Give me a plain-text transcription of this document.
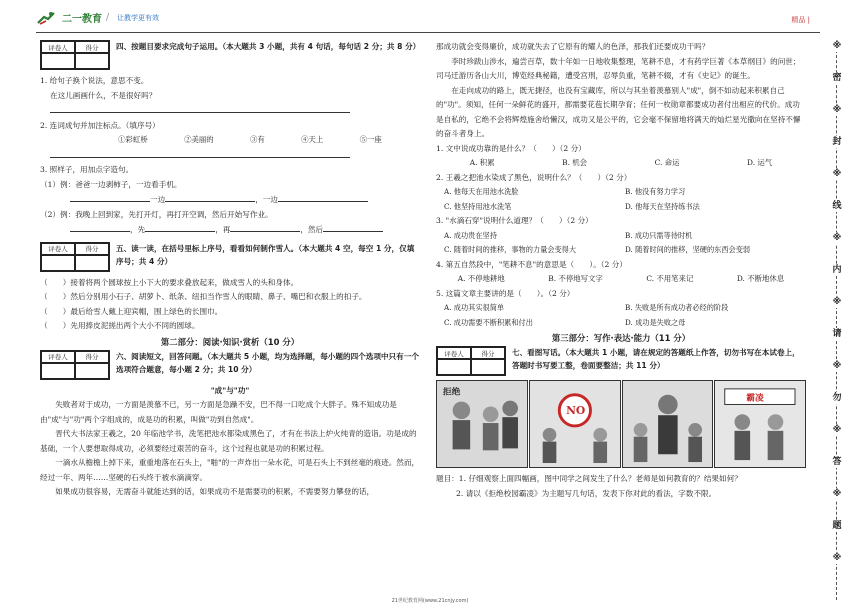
二一教育 / 让教学更有效	精品 |
评卷人	得分	四、按题目要求完成句子运用。（本大题共 3 小题，共有 4 句话，每句话 2 分；共 8 分）
1. 给句子换个说法，意思不变。
在这儿画画什么，不是很好吗？
2. 连词成句并加注标点。（填序号）
①彩虹桥	②美丽的	③有	④天上	⑤一座
3. 照样子，用加点字造句。
（1）例：爸爸一边剥柿子，一边看手机。
一边	，一边
（2）例：我晚上回到家，先打开灯，再打开空调，然后开始写作业。
，先	，再	，然后
评卷人	得分	五、读一读，在括号里标上序号，看看如何制作雪人。（本大题共 4 空，每空 1 分，仅填序号；共 4 分）
（　　）接着将两个圆球按上小下大的要求叠放起来，做成雪人的头和身体。
（　　）然后分别用小石子、胡萝卜、纸条、纽扣当作雪人的眼睛、鼻子、嘴巴和衣服上的扣子。
（　　）最后给雪人戴上迎宾帽，围上绿色的长围巾。
（　　）先用捧皮泥搓出两个大小不同的圆球。
第二部分：阅读·知识·赏析（10 分）
评卷人	得分	六、阅读短文，回答问题。（本大题共 5 小题，均为选择题，每小题的四个选项中只有一个选项符合题意，每小题 2 分；共 10 分）
"成"与"功"

失败者对于成功，一方面是羡慕不已，另一方面是急躁不安，巴不得一口吃成个大胖子。殊不知成功是由"成"与"功"两个字组成的，成是功的积累，叫做"功到自然成"。

晋代大书法家王羲之，20 年临池学书，洗笔把池水都染成黑色了，才有在书法上炉火纯青的造诣。功是成的基础，一个人要想取得成功，必须要经过艰苦的奋斗，这个过程也就是功的积累过程。

一滴水从檐檐上掉下来，重重地落在石头上，"啪"的一声炸出一朵水花，可是石头上不到丝毫的痕迹。然而，经过一年、两年……坚硬的石头终于被水滴滴穿。

如果成功很容易，无需奋斗就能达到的话，如果成功不是需要功的积累，不需要努力攀登的话，

那成功就会变得廉价，成功就失去了它原有的耀人的色泽，那我们还要成功干吗？

李时珍跋山涉水，遍尝百草，数十年如一日地收集整理，笔耕不息，才有药学巨著《本草纲目》的问世；司马迁游历各山大川，博览经典秘籍，遭受宫刑，忍辱负重，笔耕不辍，才有《史记》的诞生。

在走向成功的路上，既无捷径，也没有宝藏库，所以与其坐着羡慕别人"成"，倒不如动起来积累自己的"功"。须知，任何一朵鲜花的盛开，都需要花苞长期孕育；任何一枚勋章都要成功者付出相应的代价。成功是自私的，它绝不会将辉煌施舍给懒汉，成功又是公平的，它会毫不保留地将满天的灿烂星光撒向在坚持不懈的奋斗者身上。

1. 文中说成功靠的是什么？（　　）（2 分）
A. 积累	B. 机会	C. 命运	D. 运气
2. 王羲之把池水染成了黑色，说明什么？（　　）（2 分）
A. 他每天在用池水洗脸	B. 他没有努力学习
C. 他坚持用池水洗笔	D. 他每天在坚持练书法
3. "水滴石穿"说明什么道理？（　　）（2 分）
A. 成功贵在坚持	B. 成功只需等待时机
C. 随着时间的推移，事物的力量会变得大	D. 随着时间的推移，坚硬的东西会变弱
4. 第五自然段中，"笔耕不息"的意思是（　　）。（2 分）
A. 不停地耕地	B. 不停地写文字	C. 不用笔来记	D. 不断地休息
5. 这篇文章主要讲的是（　　）。（2 分）
A. 成功其实很简单	B. 失败是所有成功者必经的阶段
C. 成功需要不断积累和付出	D. 成功是失败之母
第三部分：写作·表达·能力（11 分）
评卷人	得分	七、看图写话。（本大题共 1 小题，请在规定的答题纸上作答，切勿书写在本试卷上，答题时书写要工整，卷面要整洁；共 11 分）
拒绝
NO
霸凌
题目：1. 仔细观察上面四幅画，图中同学之间发生了什么？老师是如何教育的？结果如何？
2. 请以《拒绝校园霸凌》为主题写几句话，发表下你对此的看法，字数不限。
※
密
※
封
※
线
※
内
※
请
※
勿
※
答
※
题
※
21世纪教育网(www.21cnjy.com)
